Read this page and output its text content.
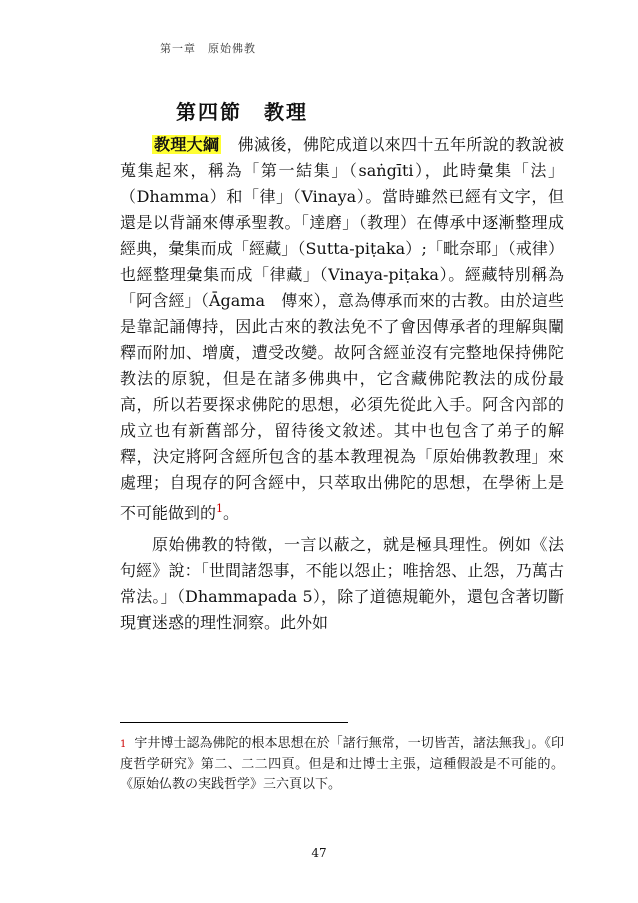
第一章　原始佛教
第四節　教理

教理大綱　 佛滅後，佛陀成道以來四十五年所說的教說被蒐集起來，稱為「第一結集」（saṅgīti），此時彙集「法」（Dhamma）和「律」（Vinaya）。當時雖然已經有文字，但還是以背誦來傳承聖教。「達磨」（教理）在傳承中逐漸整理成經典，彙集而成「經藏」（Sutta-piṭaka）;「毗奈耶」（戒律）也經整理彙集而成「律藏」（Vinaya-piṭaka）。經藏特別稱為「阿含經」（Āgama　傳來），意為傳承而來的古教。由於這些是靠記誦傳持，因此古來的教法免不了會因傳承者的理解與闡釋而附加、增廣，遭受改變。故阿含經並沒有完整地保持佛陀教法的原貌，但是在諸多佛典中，它含藏佛陀教法的成份最高，所以若要探求佛陀的思想，必須先從此入手。阿含內部的成立也有新舊部分，留待後文敘述。其中也包含了弟子的解釋，決定將阿含經所包含的基本教理視為「原始佛教教理」來處理；自現存的阿含經中，只萃取出佛陀的思想，在學術上是不可能做到的$^1$。

原始佛教的特徵，一言以蔽之，就是極具理性。例如《法句經》說：「世間諸怨事，不能以怨止；唯捨怨、止怨，乃萬古常法。」（Dhammapada 5），除了道德規範外，還包含著切斷現實迷惑的理性洞察。此外如

1 宇井博士認為佛陀的根本思想在於「諸行無常，一切皆苦，諸法無我」。《印度哲学研究》第二、二二四頁。但是和辻博士主張，這種假設是不可能的。《原始仏教の実践哲学》三六頁以下。
47
